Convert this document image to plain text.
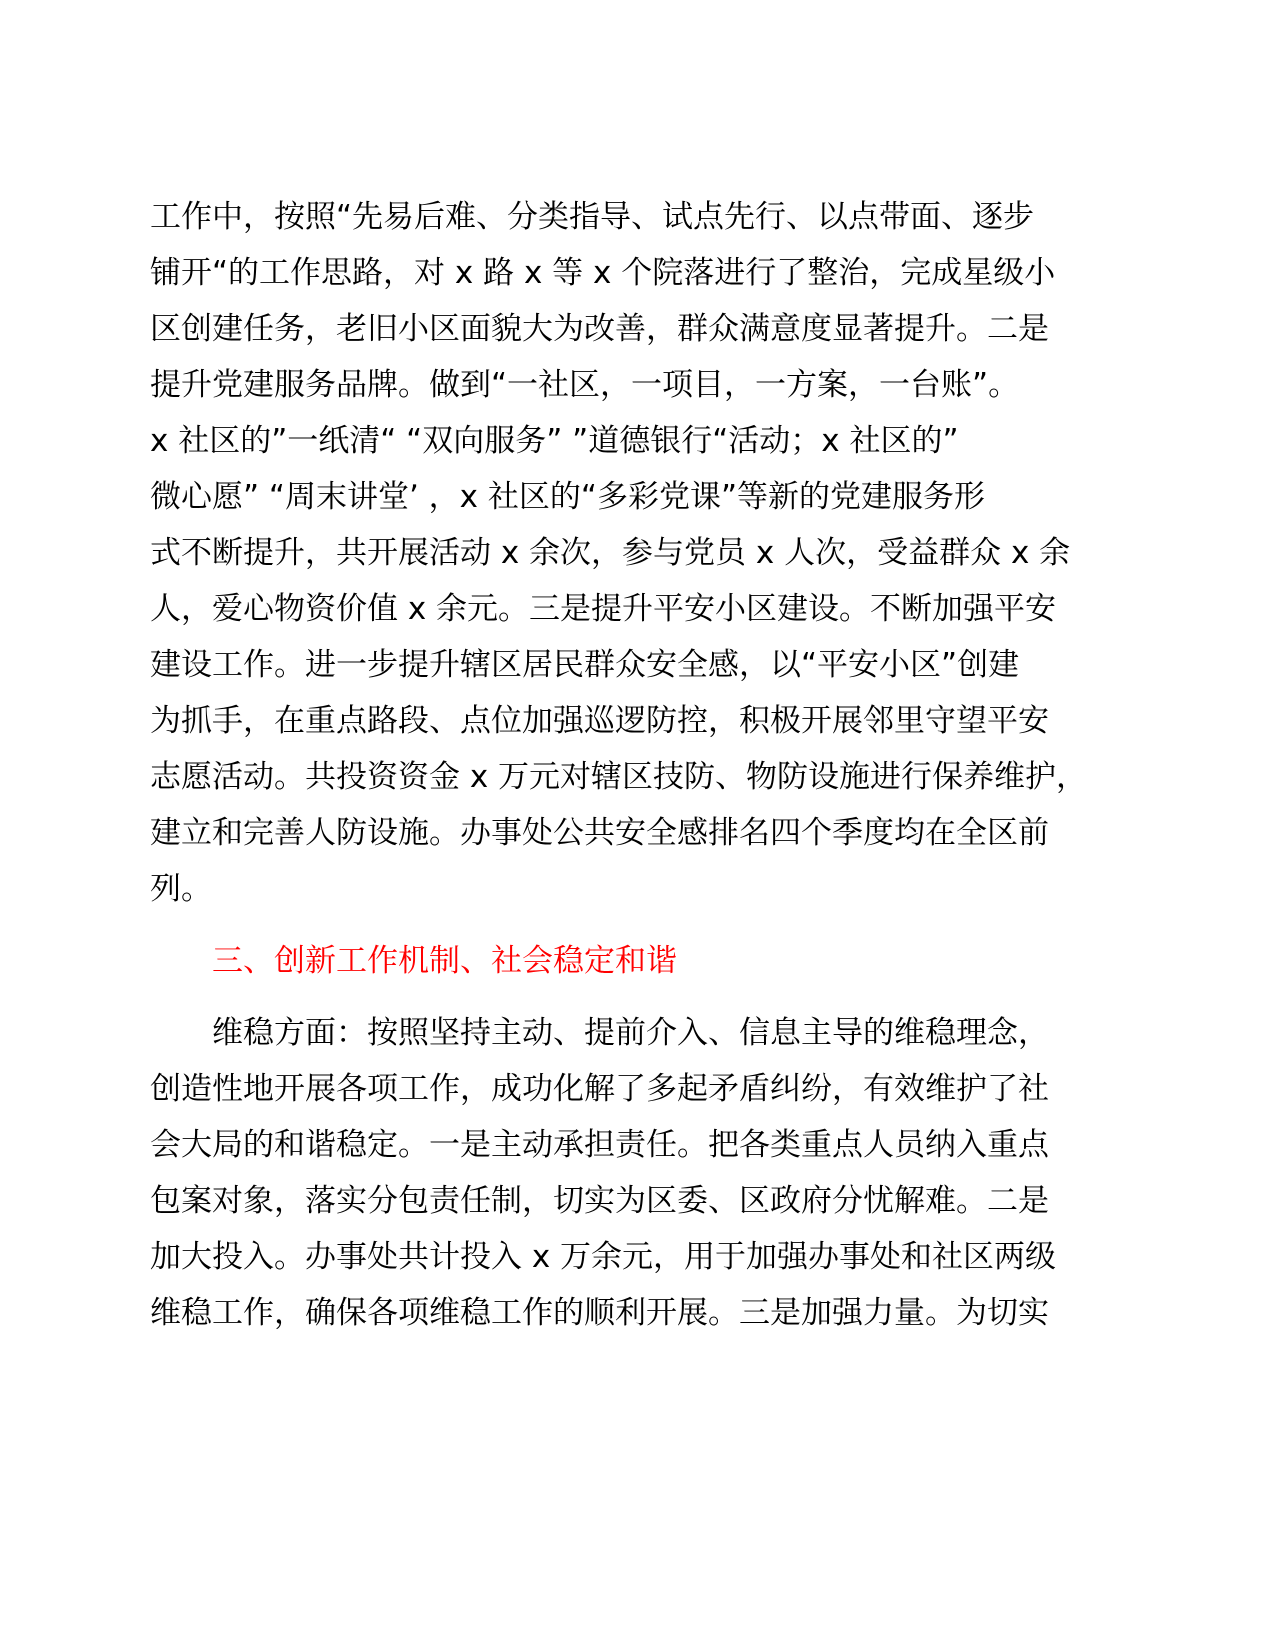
工作中，按照“先易后难、分类指导、试点先行、以点带面、逐步
铺开“的工作思路，对 x 路 x 等 x 个院落进行了整治，完成星级小
区创建任务，老旧小区面貌大为改善，群众满意度显著提升。二是
提升党建服务品牌。做到“一社区，一项目，一方案，一台账”。
x 社区的”一纸清“ “双向服务” ”道德银行“活动；x 社区的”
微心愿” “周末讲堂’ ，x 社区的“多彩党课”等新的党建服务形
式不断提升，共开展活动 x 余次，参与党员 x 人次，受益群众 x 余
人，爱心物资价值 x 余元。三是提升平安小区建设。不断加强平安
建设工作。进一步提升辖区居民群众安全感，以“平安小区”创建
为抓手，在重点路段、点位加强巡逻防控，积极开展邻里守望平安
志愿活动。共投资资金 x 万元对辖区技防、物防设施进行保养维护，
建立和完善人防设施。办事处公共安全感排名四个季度均在全区前
列。
三、创新工作机制、社会稳定和谐
维稳方面：按照坚持主动、提前介入、信息主导的维稳理念，
创造性地开展各项工作，成功化解了多起矛盾纠纷，有效维护了社
会大局的和谐稳定。一是主动承担责任。把各类重点人员纳入重点
包案对象，落实分包责任制，切实为区委、区政府分忧解难。二是
加大投入。办事处共计投入 x 万余元，用于加强办事处和社区两级
维稳工作，确保各项维稳工作的顺利开展。三是加强力量。为切实
